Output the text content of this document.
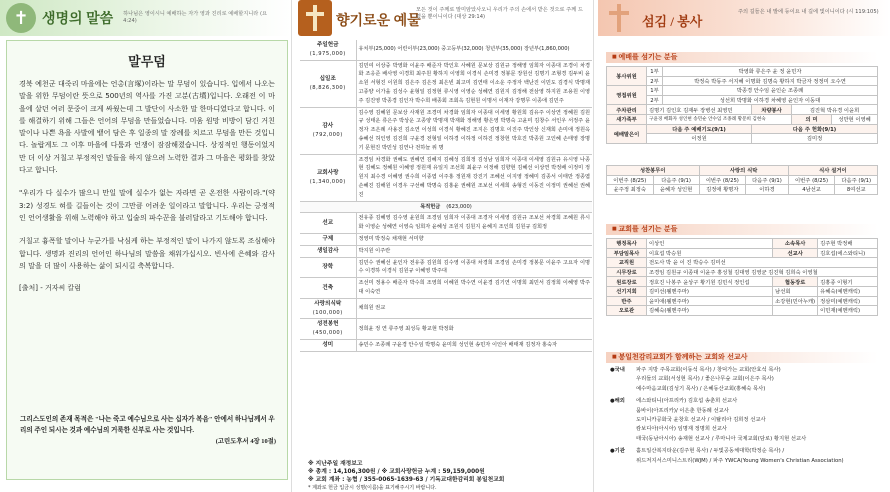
✝ 생명의 말씀 하나님은 영이시니 예배하는 자가 영과 진리로 예배할지니라 (요 4:24)
말무덤

경북 예천군 대죽리 마을에는 언총(言塚)이라는 말 무덤이 있습니다. 입에서 나오는 말을 위한 무덤이란 뜻으로 500년의 역사를 가진 고분(古墳)입니다. 오래전 이 마을에 살던 여러 문중이 크게 싸웠는데 그 발단이 사소한 말 한마디였다고 합니다. 이를 해결하기 위해 그들은 언어의 무덤을 만들었습니다. 미움 원망 비방이 담긴 거친 말이나 나쁜 욕을 사발에 뱉어 담은 후 일종의 말 장례를 치르고 무덤을 만든 것입니다. 놀랍게도 그 이후 마을에 다툼과 언쟁이 잠잠해졌습니다. 상징적인 행동이었지만 더 이상 거칠고 부정적인 말들을 하지 않으려 노력한 결과 그 마을은 평화를 찾았다고 합니다.

"우리가 다 실수가 많으니 만일 말에 실수가 없는 자라면 곧 온전한 사람이라."(약 3:2) 성경도 혀를 길들이는 것이 그만큼 어려운 일이라고 말합니다. 우리는 긍정적인 언어생활을 위해 노력해야 하고 입술의 파수꾼을 불러달라고 기도해야 합니다.

거칠고 흉폭할 말이나 누군가를 낙심케 하는 부정적인 말이 나가지 않도록 조심해야 합니다. 생명과 진리의 언어인 하나님의 말씀을 채워가십시오. 빈사에 은혜와 감사의 말을 더 많이 사용하는 삶이 되시길 축복합니다.

[출처] - 거자씨 칼럼
그리스도인의 존재 목적은 "나는 죽고 예수님으로 사는 십자가 복음" 안에서 하나님께서 우리의 주인 되시는 것과 예수님의 거룩한 신부로 사는 것입니다.
(고린도후서 4장 10절)
향기로운 예물
모든 것이 주께로 말미암았사오니 우리가 주의 손에서 받은 것으로 주께 드렸을 뿐이니이다 (대상 29:14)
주일헌금
(1,975,000)	유치부(25,000) 어린이부(23,000) 중고등부(32,000) 청년부(35,000) 장년부(1,860,000)
십일조
(8,826,300)	김민여 이상중 박영화 이윤주 배준자 박인호 사혜원 문보상 김원규 정해영 임희자 이종대 조경이 차경화 조응준 배사영 이경희 최주원 황하지 이영희 이경식 손미경 정봉문 장원선 김명기 조형경 김두비 윤소원 서형진 이원희 김은주 김은정 최은빈 최고미 김연태 이소운 주정자 백난진 이민도 김경식 박명재 고종양 이가을 김성수 윤형일 김정현 류시영 이영순 성혜연 김원지 김정해 전삼영 하지원 조용원 이영주 김진영 박종경 김인자 박수희 배종회 조회옥 김현원 이명서 이재자 강명무 이종애 김민주
감사
(792,000)	김수영 김혜원 문보상 사재원 조경미 차경화 임희자 이종대 이세영 황원희 김유주 이상연 정혜원 김원규 성태운 류은주 박상운 고종양 박명재 박재화 정해영 황은영 박명숙 고윤미 김창수 서인우 서정주 윤정자 조은례 사용진 김소연 이성희 이경식 황혜진 조지은 김명호 이진주 박인상 신재희 손미애 정원옥 송혜선 허인영 김진희 구윤경 전형일 이하경 이하정 이하진 정창헌 박호진 박종원 고인혜 손태영 장명기 문현진 박민성 김연나 전하늘 위 명
교회사랑
(1,340,000)	조경임 차경화 권혜도 권혜연 김혜지 김혜성 김희정 김성남 임희자 이종대 이세영 김원규 유시영 나종현 김혜도 정혜원 이혜영 정원재 유일지 조선희 최윤구 이정해 김향현 김혜선 이상연 박정배 이정미 정원지 최수경 이혜영 권수희 이종엽 이주홍 정원재 강진기 조혜선 이지영 정혜미 김종서 이태만 정종엽 손혜진 김해원 이경우 구선혜 박명숙 김홍윤 권혜원 조보선 이세희 송형진 이동진 이정미 권혜선 권혜진
목적헌금 (623,000)	
선교	전유종 김혜영 김수영 윤원희 조경임 임희자 이종대 조경자 이세영 김원규 조보선 차경희 조혜원 류시화 이영순 성혜연 이영숙 임희자 윤혜성 조원지 김원지 윤혜지 조인희 김원규 김희정
구제	정영미 박정숙 채재현 서미향
생일감사	박지원 이주란
장학	김민수 권혜선 윤인자 전유종 김원희 김수영 이종대 차경희 조경임 손미경 정봉문 이윤주 고요자 이명수 이경하 이경식 김원규 이혜영 박주대
건축	조선미 정용수 배준자 박수희 조영희 이혜원 박수연 이윤경 김기연 이명희 최민서 김정희 이혜영 박주대 이숙연
사랑의식탁
(100,000)	채희원 권교
성전봉헌
(450,000)	정희윤 정 연 류주영 최성득 황교현 박정화
성미	송민수 조종례 구윤경 안수임 박명숙 윤미희 성인현 송민자 이인아 배태재 김정자 홍숙자
※ 지난주일 재정보고
※ 총계 : 14,106,300원 / ※ 교회사랑헌금 누계 : 59,159,000원
※ 교회 계좌 : 농협 / 355-0065-1639-63 / 기독교대한감리회 봉일천교회
* 계좌로 헌금 입금시 성명(이름)을 표기해주시기 바랍니다.
섬김 / 봉사
주의 길들은 내 발에 등이요 내 길에 빛이니이다 (시 119:105)
■ 예배를 섬기는 분들
봉사위원	1부	박영화 류은주 윤 정 윤민자			
	2부	박정숙 박동주 서지혜 이명화 김명숙 황하지 박금자 정정미 오수연			
영접위원	1부	박종경 안수임 윤인순 조종례			
	2부	성선희 박명화 이하경 차혜영 윤인자 이동대			
주차관리	김명기 김인호 김재두 장병선 최영민		차량봉사	김진혁 박유경 이윤희	
새가족부	구윤경 배화자 성인현 송민순 안수임 조종례 황문희 김현숙			의 미	성만현 이영혜
예배말은이	다음 주 예배기도(9/1)		다음 주 헌화(9/1)		
	이정원		김미정		
성찬봉무이		사랑의 식탁		식사 설거이	
이번주 (8/25)	다음주 (9/1)	이번주 (8/25)	다음주 (9/1)	이번주 (8/25)	다음주 (9/1)
윤주정 최정숙	윤혜자 성인현	김정애 황명자	이하경	4남선교	8여선교
■ 교회를 섬기는 분들
행정목사	이상인	소속목사	김주현 박정배
부담임목사	이효섭 박승원	선교사	김호섭(에스와티니)
교직원	전도사 박 윤 이 진 박승수 김미선		
시무장로	조경임 김원규 이종대 이윤주 홍성철 김대영 김영균 김진혁 김희숙 이영철		
원로장로	정호진 나봉주 윤상구 황기원 김민식 정인섭	협동장로	김홍종 이형기
선기지회	김미선(웰멘주마)	남선회	유혜숙(예멘캐릭)
반주	윤미애(웰멘주마)	소강현(민아누캐)	정삼미(예멘캐릭)
오로관	김혜숙(웰멘주마)		이민재(예멘캐릭)
■ 봉일천감리교회가 함께하는 교회와 선교사
●국내	파주 지방 주목교회(이동석 목사) / 창덕가는 교회(안효석 목사)
우리들의 교회(서성현 목사) / 좋은나무숲 교회(이은주 목사)
예수마음교회(김성기 목사) / 은혜동산교회(홍혜숙 목사)
●해외	에스와티니(아프리카) 김호섭 송춘희 선교사
뭄바이(아프리카)/ 이은춘 한동례 선교사
도미니카공화국 윤창호 선교사 / 이탈리아 김희정 선교사
캄보디아(아시아) 임명재 정명희 선교사
태국(동남아시아) 송재현 선교사 / 루마니아 국제교회(담로) 황지현 선교사
●기관	홀트일산복지타운(김주현 목사) / 두빛공동체대학(박정순 목사) /
위드저지서스미니스트리(WJM) / 파주 YWCA(Young Women's Christian Association)
